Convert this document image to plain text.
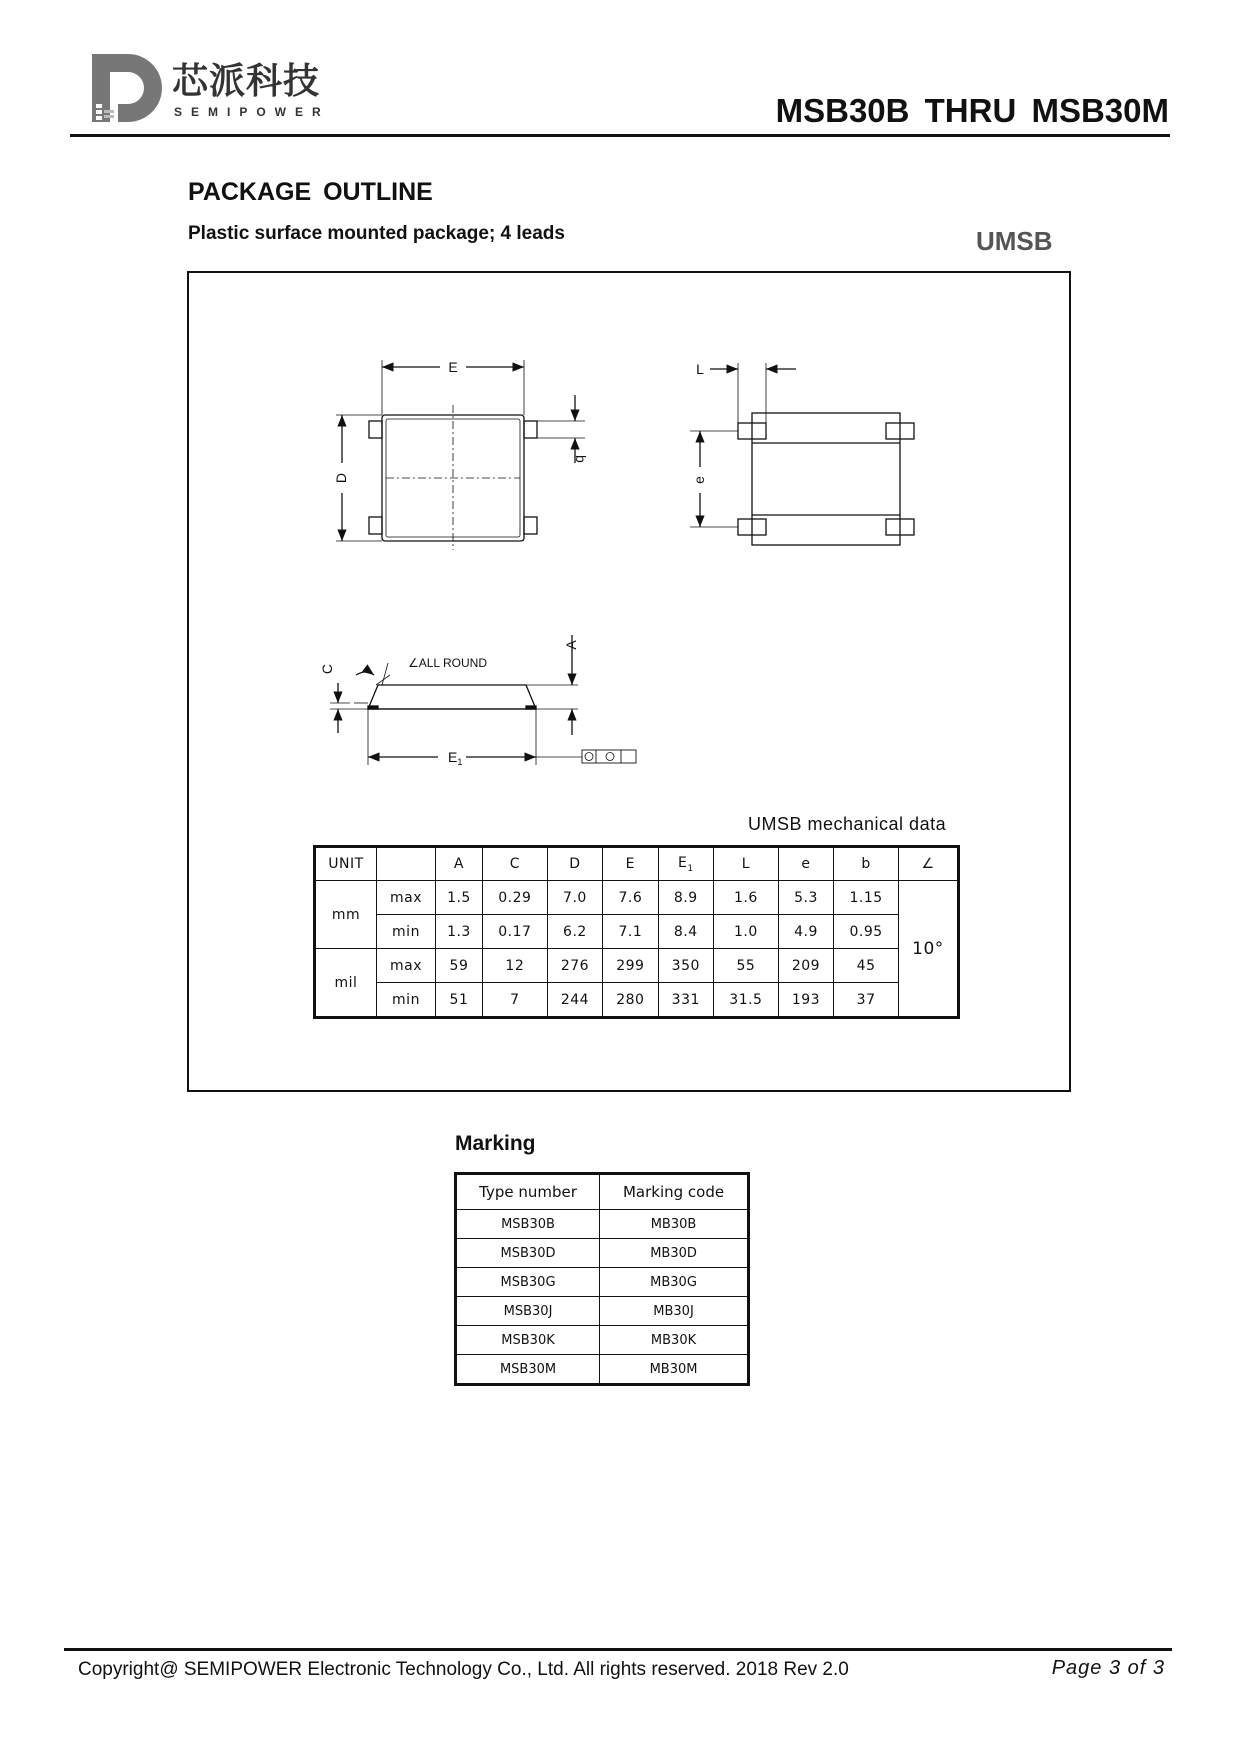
芯派科技
SEMIPOWER	MSB30B THRU MSB30M
PACKAGE OUTLINE
Plastic surface mounted package; 4 leads	UMSB
E
b
D
L
e
C
A
$E_1$
∠ALL ROUND
UMSB mechanical data
UNIT		A	C	D	E	$E_1$	L	e	b	∠
mm	max	1.5	0.29	7.0	7.6	8.9	1.6	5.3	1.15	10°
	min	1.3	0.17	6.2	7.1	8.4	1.0	4.9	0.95	
mil	max	59	12	276	299	350	55	209	45	
	min	51	7	244	280	331	31.5	193	37	
Marking
Type number	Marking code
MSB30B	MB30B
MSB30D	MB30D
MSB30G	MB30G
MSB30J	MB30J
MSB30K	MB30K
MSB30M	MB30M
Copyright@ SEMIPOWER Electronic Technology Co., Ltd. All rights reserved. 2018 Rev 2.0	Page 3 of 3
